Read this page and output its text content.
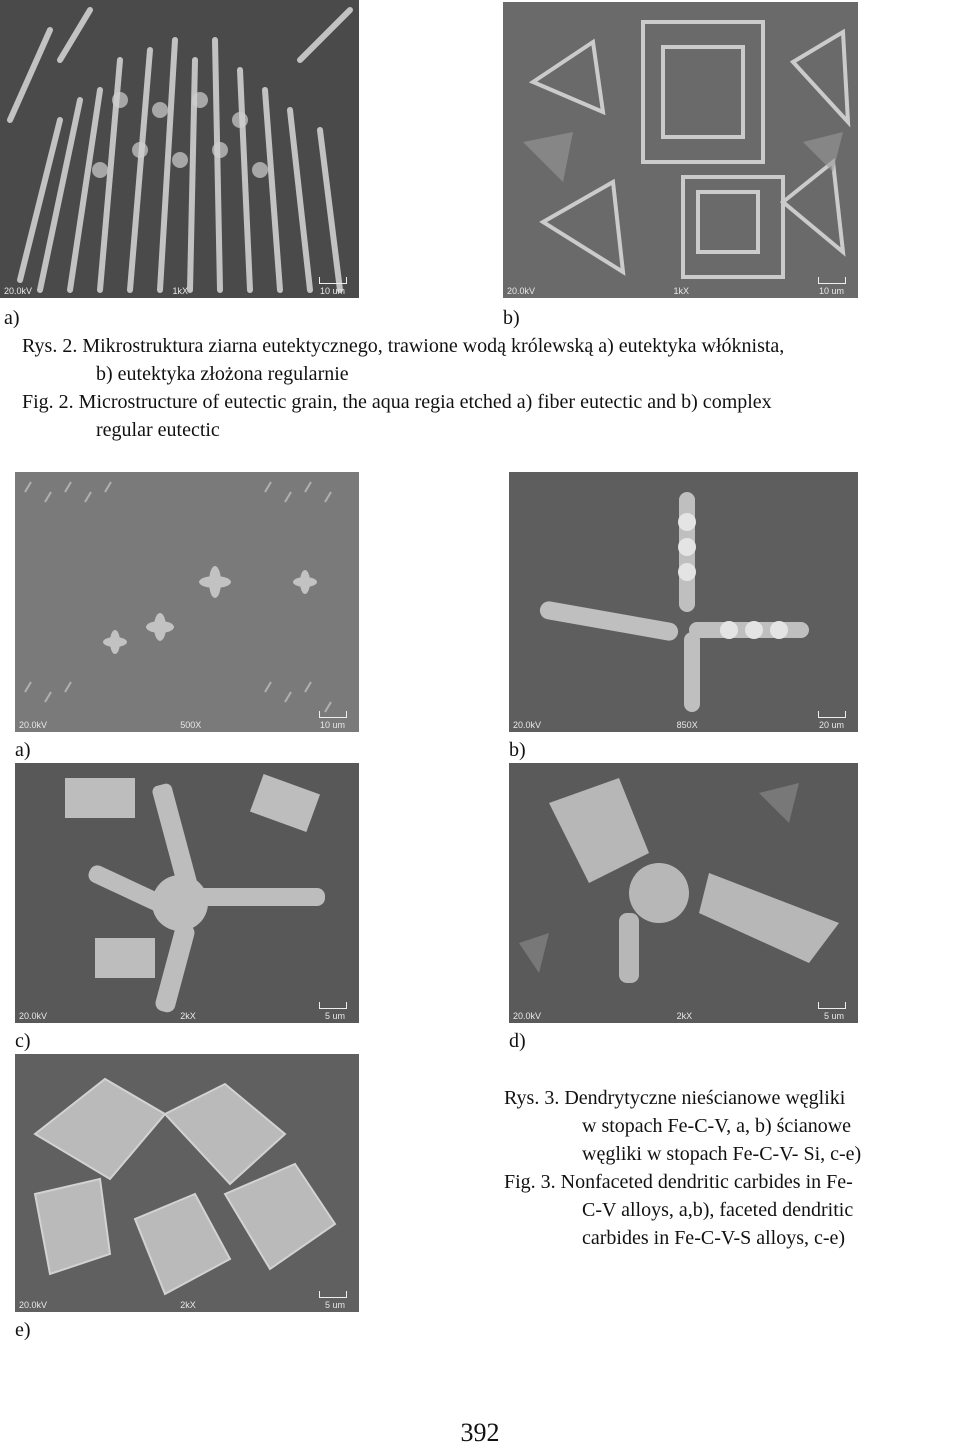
20.0kV	1kX	10 um	20.0kV	1kX	10 um
a)	b)
Rys. 2. Mikrostruktura ziarna eutektycznego, trawione wodą królewską a) eutektyka włóknista,
b) eutektyka złożona regularnie
Fig. 2. Microstructure of eutectic grain, the aqua regia etched a) fiber eutectic and b) complex
regular eutectic
20.0kV	500X	10 um	20.0kV	850X	20 um
a)	b)
20.0kV	2kX	5 um	20.0kV	2kX	5 um
c)	d)
20.0kV	2kX	5 um
e)
Rys. 3. Dendrytyczne nieścianowe węgliki
w stopach Fe-C-V, a, b) ścianowe
węgliki w stopach Fe-C-V- Si, c-e)
Fig. 3. Nonfaceted dendritic carbides in Fe-
C-V alloys, a,b), faceted dendritic
carbides in Fe-C-V-S alloys, c-e)
392
